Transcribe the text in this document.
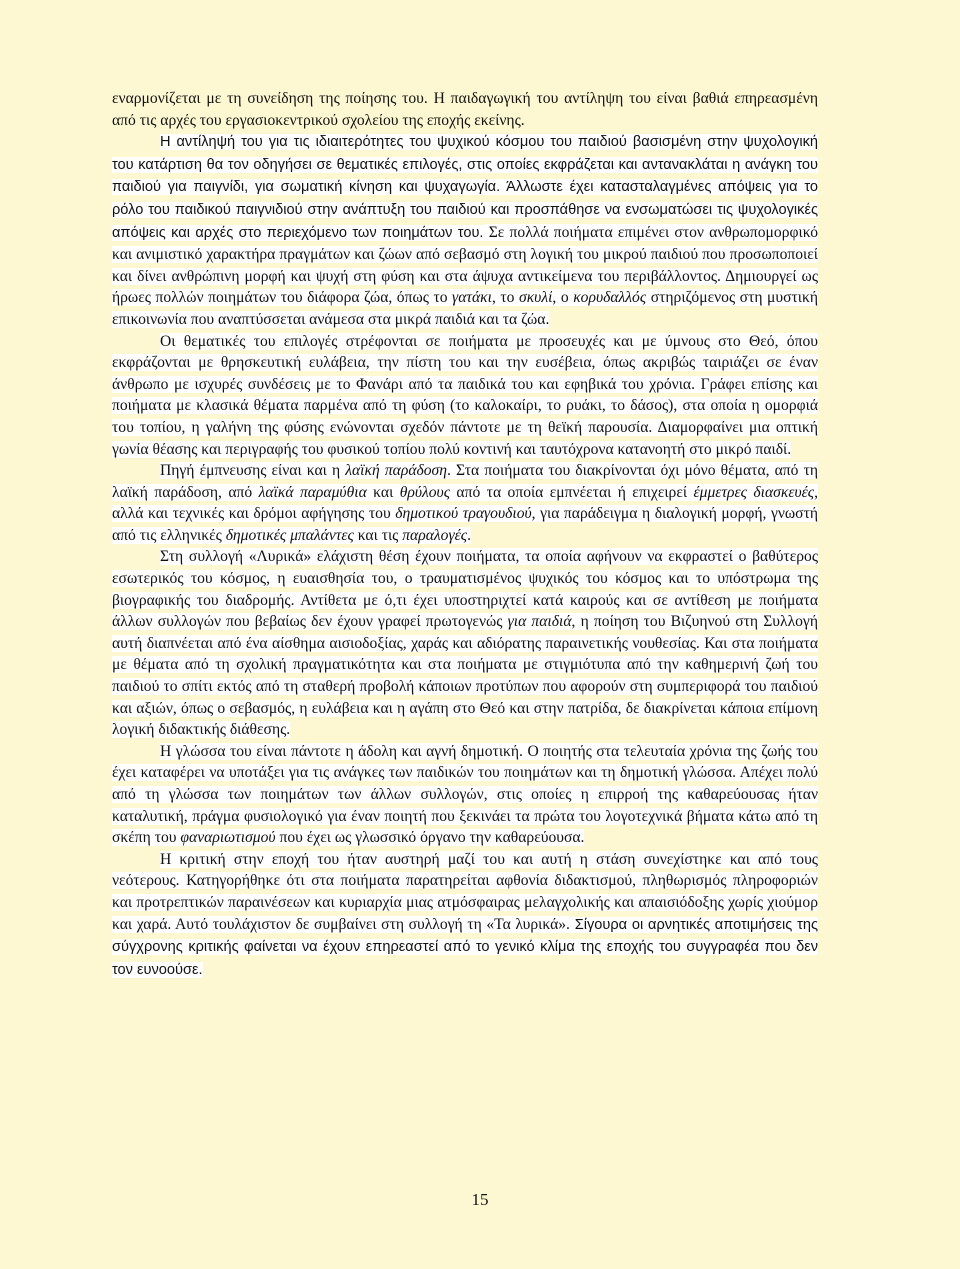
εναρμονίζεται με τη συνείδηση της ποίησης του. Η παιδαγωγική του αντίληψη του είναι βαθιά επηρεασμένη από τις αρχές του εργασιοκεντρικού σχολείου της εποχής εκείνης.

Η αντίληψή του για τις ιδιαιτερότητες του ψυχικού κόσμου του παιδιού βασισμένη στην ψυχολογική του κατάρτιση θα τον οδηγήσει σε θεματικές επιλογές, στις οποίες εκφράζεται και αντανακλάται η ανάγκη του παιδιού για παιγνίδι, για σωματική κίνηση και ψυχαγωγία. Άλλωστε έχει κατασταλαγμένες απόψεις για το ρόλο του παιδικού παιγνιδιού στην ανάπτυξη του παιδιού και προσπάθησε να ενσωματώσει τις ψυχολογικές απόψεις και αρχές στο περιεχόμενο των ποιημάτων του. Σε πολλά ποιήματα επιμένει στον ανθρωπομορφικό και ανιμιστικό χαρακτήρα πραγμάτων και ζώων από σεβασμό στη λογική του μικρού παιδιού που προσωποποιεί και δίνει ανθρώπινη μορφή και ψυχή στη φύση και στα άψυχα αντικείμενα του περιβάλλοντος. Δημιουργεί ως ήρωες πολλών ποιημάτων του διάφορα ζώα, όπως το γατάκι, το σκυλί, ο κορυδαλλός στηριζόμενος στη μυστική επικοινωνία που αναπτύσσεται ανάμεσα στα μικρά παιδιά και τα ζώα.

Οι θεματικές του επιλογές στρέφονται σε ποιήματα με προσευχές και με ύμνους στο Θεό, όπου εκφράζονται με θρησκευτική ευλάβεια, την πίστη του και την ευσέβεια, όπως ακριβώς ταιριάζει σε έναν άνθρωπο με ισχυρές συνδέσεις με το Φανάρι από τα παιδικά του και εφηβικά του χρόνια. Γράφει επίσης και ποιήματα με κλασικά θέματα παρμένα από τη φύση (το καλοκαίρι, το ρυάκι, το δάσος), στα οποία η ομορφιά του τοπίου, η γαλήνη της φύσης ενώνονται σχεδόν πάντοτε με τη θεϊκή παρουσία. Διαμορφαίνει μια οπτική γωνία θέασης και περιγραφής του φυσικού τοπίου πολύ κοντινή και ταυτόχρονα κατανοητή στο μικρό παιδί.

Πηγή έμπνευσης είναι και η λαϊκή παράδοση. Στα ποιήματα του διακρίνονται όχι μόνο θέματα, από τη λαϊκή παράδοση, από λαϊκά παραμύθια και θρύλους από τα οποία εμπνέεται ή επιχειρεί έμμετρες διασκευές, αλλά και τεχνικές και δρόμοι αφήγησης του δημοτικού τραγουδιού, για παράδειγμα η διαλογική μορφή, γνωστή από τις ελληνικές δημοτικές μπαλάντες και τις παραλογές.

Στη συλλογή «Λυρικά» ελάχιστη θέση έχουν ποιήματα, τα οποία αφήνουν να εκφραστεί ο βαθύτερος εσωτερικός του κόσμος, η ευαισθησία του, ο τραυματισμένος ψυχικός του κόσμος και το υπόστρωμα της βιογραφικής του διαδρομής. Αντίθετα με ό,τι έχει υποστηριχτεί κατά καιρούς και σε αντίθεση με ποιήματα άλλων συλλογών που βεβαίως δεν έχουν γραφεί πρωτογενώς για παιδιά, η ποίηση του Βιζυηνού στη Συλλογή αυτή διαπνέεται από ένα αίσθημα αισιοδοξίας, χαράς και αδιόρατης παραινετικής νουθεσίας. Και στα ποιήματα με θέματα από τη σχολική πραγματικότητα και στα ποιήματα με στιγμιότυπα από την καθημερινή ζωή του παιδιού το σπίτι εκτός από τη σταθερή προβολή κάποιων προτύπων που αφορούν στη συμπεριφορά του παιδιού και αξιών, όπως ο σεβασμός, η ευλάβεια και η αγάπη στο Θεό και στην πατρίδα, δε διακρίνεται κάποια επίμονη λογική διδακτικής διάθεσης.

Η γλώσσα του είναι πάντοτε η άδολη και αγνή δημοτική. Ο ποιητής στα τελευταία χρόνια της ζωής του έχει καταφέρει να υποτάξει για τις ανάγκες των παιδικών του ποιημάτων και τη δημοτική γλώσσα. Απέχει πολύ από τη γλώσσα των ποιημάτων των άλλων συλλογών, στις οποίες η επιρροή της καθαρεύουσας ήταν καταλυτική, πράγμα φυσιολογικό για έναν ποιητή που ξεκινάει τα πρώτα του λογοτεχνικά βήματα κάτω από τη σκέπη του φαναριωτισμού που έχει ως γλωσσικό όργανο την καθαρεύουσα.

Η κριτική στην εποχή του ήταν αυστηρή μαζί του και αυτή η στάση συνεχίστηκε και από τους νεότερους. Κατηγορήθηκε ότι στα ποιήματα παρατηρείται αφθονία διδακτισμού, πληθωρισμός πληροφοριών και προτρεπτικών παραινέσεων και κυριαρχία μιας ατμόσφαιρας μελαγχολικής και απαισιόδοξης χωρίς χιούμορ και χαρά. Αυτό τουλάχιστον δε συμβαίνει στη συλλογή τη «Τα λυρικά». Σίγουρα οι αρνητικές αποτιμήσεις της σύγχρονης κριτικής φαίνεται να έχουν επηρεαστεί από το γενικό κλίμα της εποχής του συγγραφέα που δεν τον ευνοούσε.

15
